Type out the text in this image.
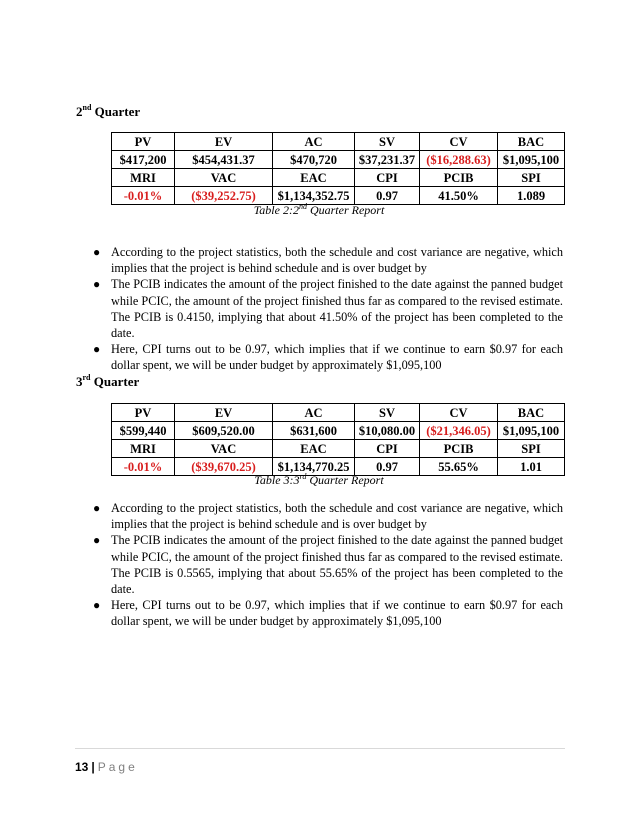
2nd Quarter
PV	EV	AC	SV	CV	BAC
$417,200	$454,431.37	$470,720	$37,231.37	($16,288.63)	$1,095,100
MRI	VAC	EAC	CPI	PCIB	SPI
-0.01%	($39,252.75)	$1,134,352.75	0.97	41.50%	1.089
Table 2:2nd Quarter Report
● According to the project statistics, both the schedule and cost variance are negative, which implies that the project is behind schedule and is over budget by
● The PCIB indicates the amount of the project finished to the date against the panned budget while PCIC, the amount of the project finished thus far as compared to the revised estimate. The PCIB is 0.4150, implying that about 41.50% of the project has been completed to the date.
● Here, CPI turns out to be 0.97, which implies that if we continue to earn $0.97 for each dollar spent, we will be under budget by approximately $1,095,100
3rd Quarter
PV	EV	AC	SV	CV	BAC
$599,440	$609,520.00	$631,600	$10,080.00	($21,346.05)	$1,095,100
MRI	VAC	EAC	CPI	PCIB	SPI
-0.01%	($39,670.25)	$1,134,770.25	0.97	55.65%	1.01
Table 3:3rd Quarter Report
● According to the project statistics, both the schedule and cost variance are negative, which implies that the project is behind schedule and is over budget by
● The PCIB indicates the amount of the project finished to the date against the panned budget while PCIC, the amount of the project finished thus far as compared to the revised estimate. The PCIB is 0.5565, implying that about 55.65% of the project has been completed to the date.
● Here, CPI turns out to be 0.97, which implies that if we continue to earn $0.97 for each dollar spent, we will be under budget by approximately $1,095,100
13 | Page
